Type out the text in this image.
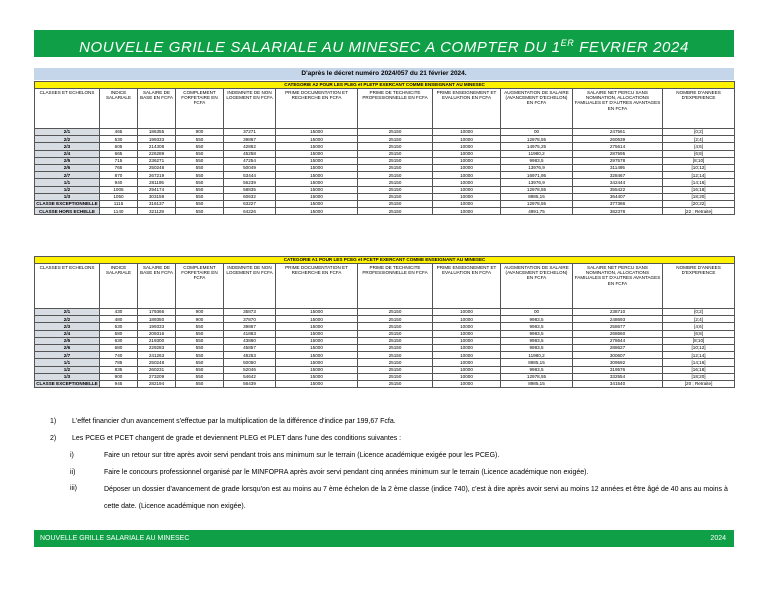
NOUVELLE GRILLE SALARIALE AU MINESEC A COMPTER DU 1ER FEVRIER 2024
D'après le décret numéro 2024/057 du 21 février 2024.
CATEGORIE A2 POUR LES PLEG et PLETP EXERCANT COMME ENSEIGNANT AU MINESEC										
CLASSES ET ECHELONS	INDICE SALARIALE	SALAIRE DE BASE EN FCFA	COMPLEMENT FORFETAIRE EN FCFA	INDEMNITE DE NON LOGEMENT EN FCFA	PRIME DOCUMENTATION ET RECHERCHE EN FCFA	PRIME DE TECHNICITE PROFESSIONNELLE EN FCFA	PRIME ENSEIGNEMENT ET EVALUATION EN FCFA	AUGMENTATION DE SALAIRE (AVANCEMENT D'ECHELON) EN FCFA	SALAIRE NET PERCU SANS NOMINATION, ALLOCATIONS FAMILIALES ET D'AUTRES AVANTAGES EN FCFA	NOMBRE D'ANNEES D'EXPERIENCE
2/1	465	186355	900	37271	15000	25150	10000	00	247561	[0;2]
2/2	530	199333	550	39867	15000	25150	10000	12978,55	260639	[2;4]
2/3	605	214308	550	42862	15000	25150	10000	14975,25	275614	[4;6]
2/4	665	226289	550	45258	15000	25150	10000	11980,2	287595	[6;8]
2/5	715	236271	550	47254	15000	25150	10000	9983,5	297578	[8;10]
2/6	765	250248	550	50049	15000	25150	10000	13976,9	311495	[10;12]
2/7	870	267219	550	53444	15000	25150	10000	16971,95	328467	[12;14]
1/1	940	281195	550	56239	15000	25150	10000	13976,9	342444	[14;16]
1/2	1005	294174	550	58835	15000	25150	10000	12978,55	355422	[16;18]
1/3	1050	303159	550	60632	15000	25150	10000	8985,15	364407	[18;20]
CLASSE EXCEPTIONNELLE	1115	316137	550	63227	15000	25150	10000	12978,55	377386	[20;22]
CLASSE HORS ECHELLE	1140	321129	550	64226	15000	25150	10000	4991,75	382378	[22 ; Retraite]
CATEGORIE A1 POUR LES PCEG et PCETP EXERCANT COMME ENSEIGNANT AU MINESEC										
CLASSES ET ECHELONS	INDICE SALARIALE	SALAIRE DE BASE EN FCFA	COMPLEMENT FORFETAIRE EN FCFA	INDEMNITE DE NON LOGEMENT EN FCFA	PRIME DOCUMENTATION ET RECHERCHE EN FCFA	PRIME DE TECHNICITE PROFESSIONNELLE EN FCFA	PRIME ENSEIGNEMENT ET EVALUATION EN FCFA	AUGMENTATION DE SALAIRE (AVANCEMENT D'ECHELON) EN FCFA	SALAIRE NET PERCU SANS NOMINATION, ALLOCATIONS FAMILIALES ET D'AUTRES AVANTAGES EN FCFA	NOMBRE D'ANNEES D'EXPERIENCE
2/1	430	179366	900	35873	15000	25150	10000	00	238710	[0;2]
2/2	480	189350	900	37870	15000	25150	10000	9983,5	248693	[2;4]
2/3	530	199333	550	39867	15000	25150	10000	9983,5	258677	[4;6]
2/4	580	209316	550	41863	15000	25150	10000	9983,5	268660	[6;8]
2/5	630	219300	550	43860	15000	25150	10000	9983,5	278644	[8;10]
2/6	680	229283	550	45857	15000	25150	10000	9983,5	288627	[10;12]
2/7	740	241263	550	48253	15000	25150	10000	11980,2	300607	[12;14]
1/1	785	250248	550	50050	15000	25150	10000	8985,15	309592	[14;16]
1/2	835	260231	550	52046	15000	25150	10000	9983,5	319576	[16;18]
1/3	900	273209	550	54642	15000	25150	10000	12978,55	332554	[18;20]
CLASSE EXCEPTIONNELLE	945	282194	550	56439	15000	25150	10000	8985,15	341540	[20 ; Retraite]
1) L'effet financier d'un avancement s'effectue par la multiplication de la différence d'indice par 199,67 Fcfa.
2) Les PCEG et PCET changent de grade et deviennent PLEG et PLET dans l'une des conditions suivantes :
i)	Faire un retour sur titre après avoir servi pendant trois ans minimum sur le terrain (Licence académique exigée pour les PCEG).
ii)	Faire le concours professionnel organisé par le MINFOPRA après avoir servi pendant cinq années minimum sur le terrain (Licence académique non exigée).
iii)	Déposer un dossier d'avancement de grade lorsqu'on est au moins au 7 ème échelon de la 2 ème classe (indice 740), c'est à dire après avoir servi au moins 12 années et être âgé de 40 ans au moins à cette date. (Licence académique non exigée).
NOUVELLE GRILLE SALARIALE AU MINESEC	2024
